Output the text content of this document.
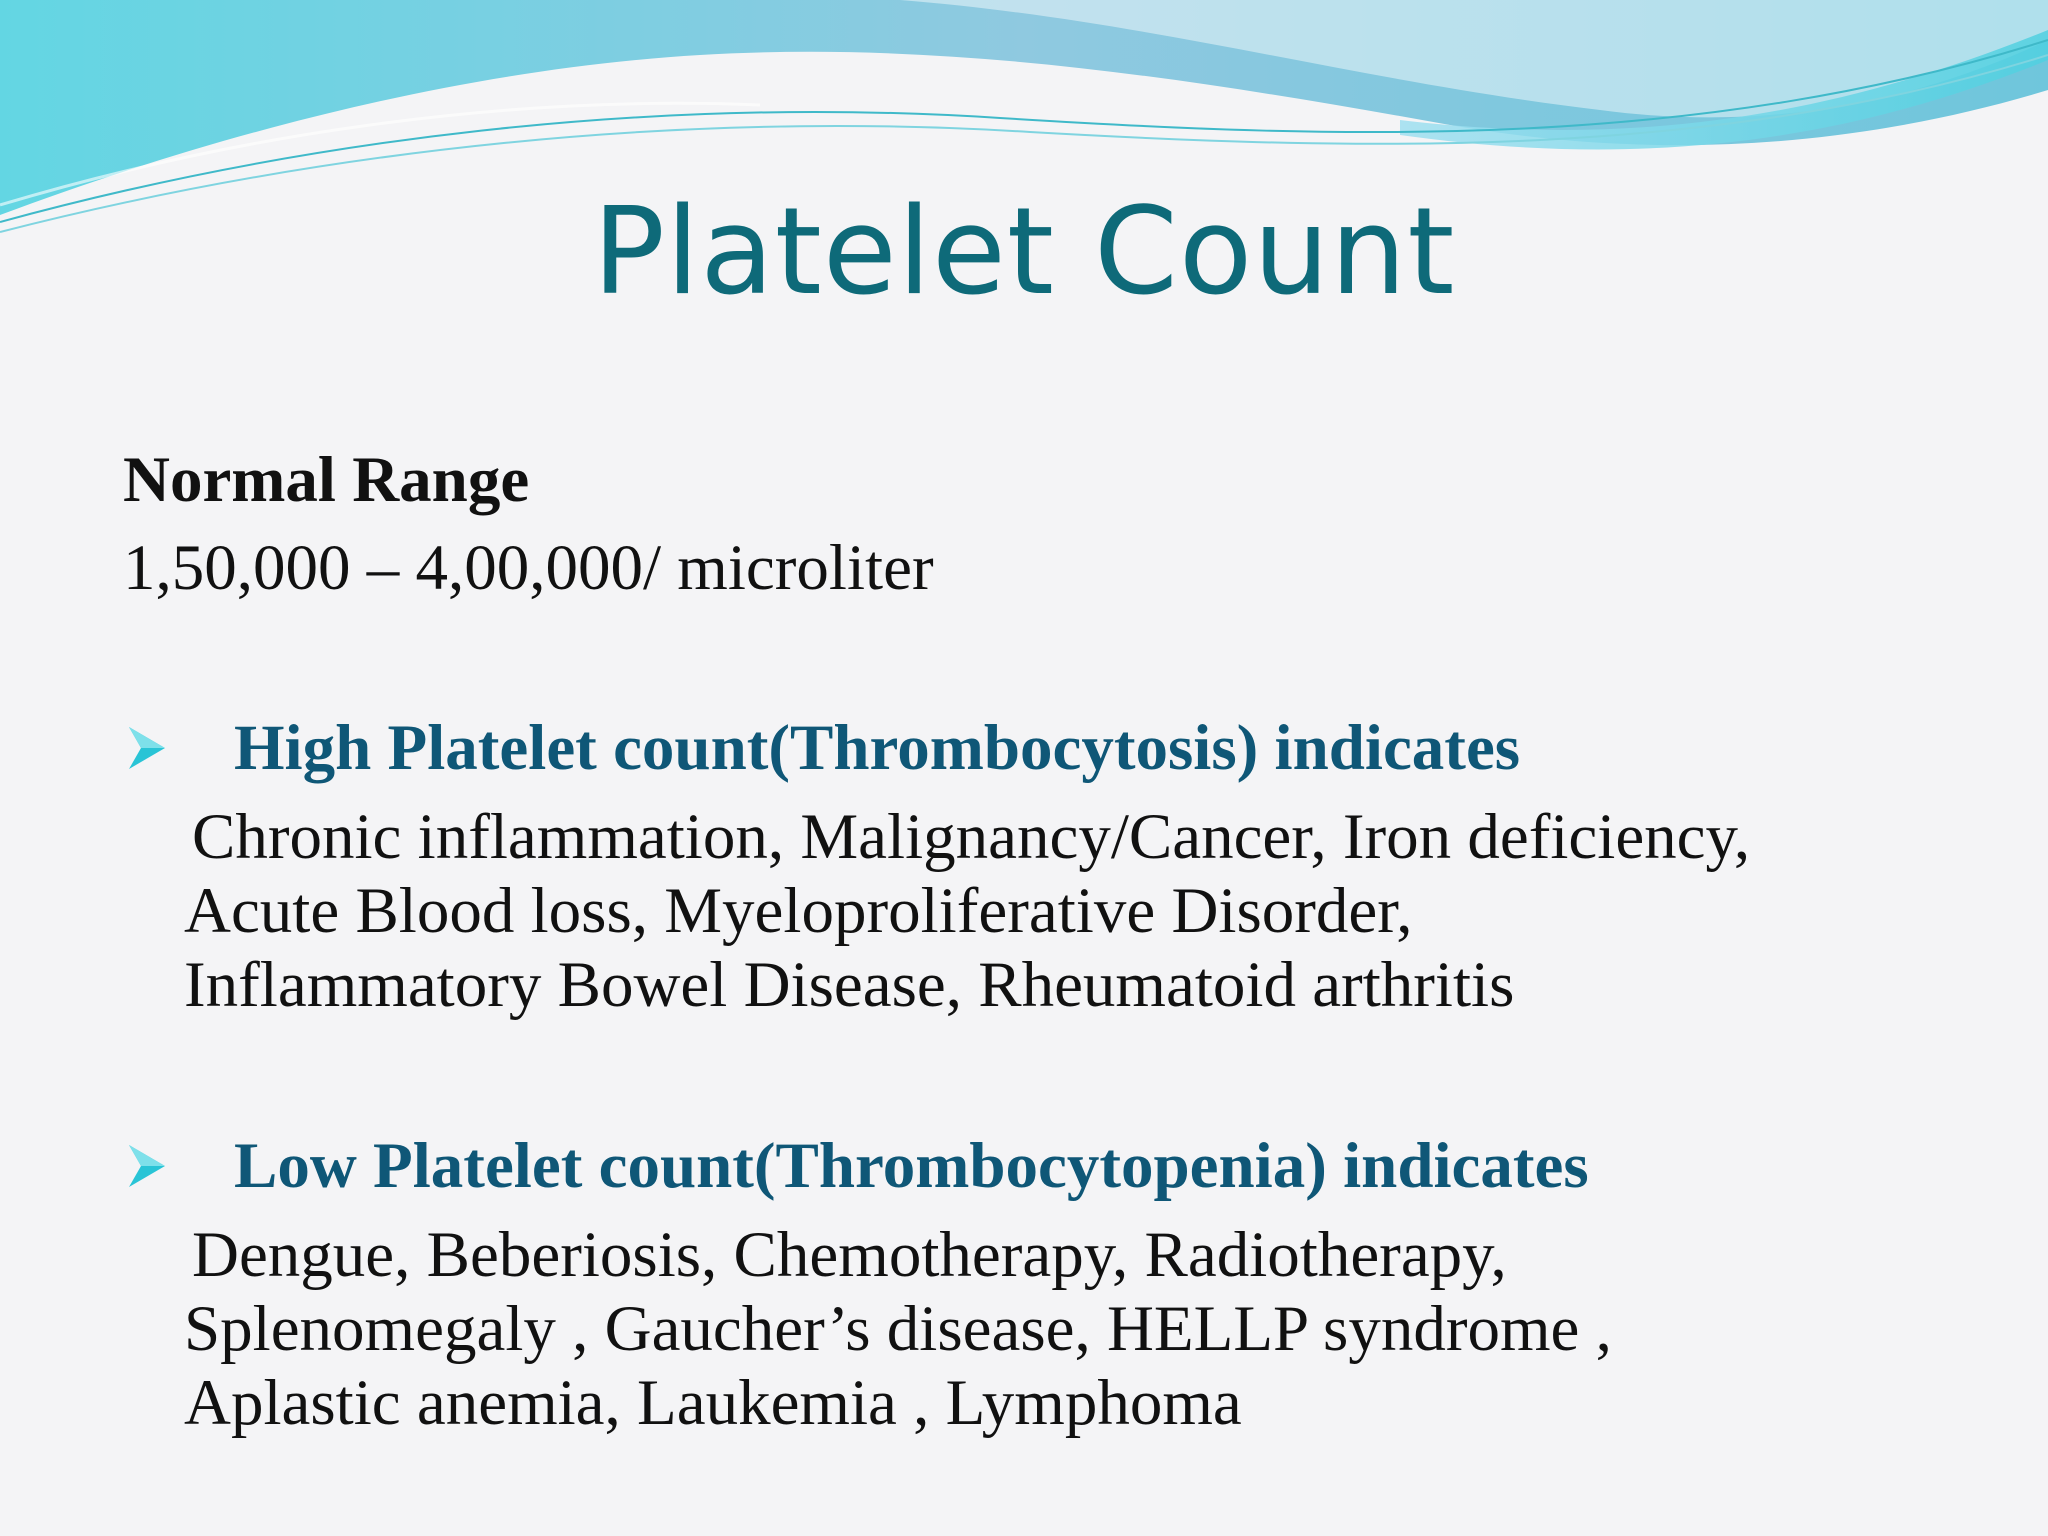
Platelet Count
Normal Range
1,50,000 – 4,00,000/ microliter
High Platelet count(Thrombocytosis) indicates
Chronic inflammation, Malignancy/Cancer, Iron deficiency,
Acute Blood loss, Myeloproliferative Disorder,
Inflammatory Bowel Disease, Rheumatoid arthritis
Low Platelet count(Thrombocytopenia) indicates
Dengue, Beberiosis, Chemotherapy, Radiotherapy,
Splenomegaly , Gaucher’s disease, HELLP syndrome ,
Aplastic anemia, Laukemia , Lymphoma
